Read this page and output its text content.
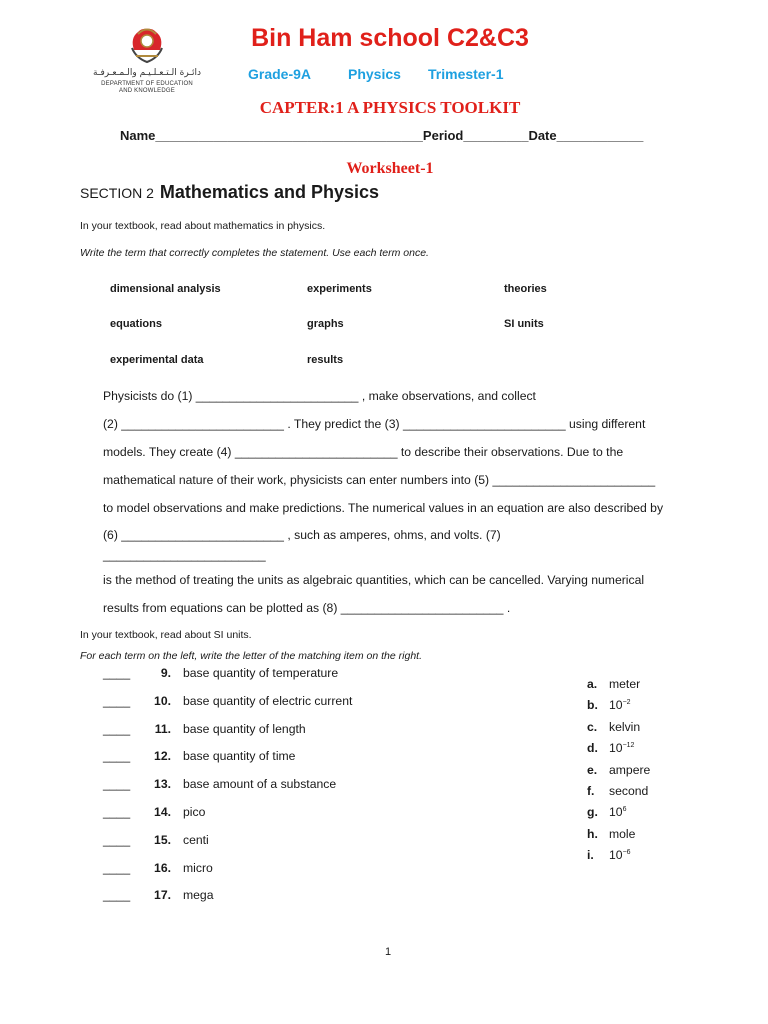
دائـرة الـتـعـلـيـم والـمـعـرفـة
DEPARTMENT OF EDUCATION
AND KNOWLEDGE
Bin Ham school C2&C3
Grade-9A	Physics Trimester-1
CAPTER:1 A PHYSICS TOOLKIT
Name_____________________________________Period_________Date____________
Worksheet-1
SECTION 2 Mathematics and Physics
In your textbook, read about mathematics in physics.
Write the term that correctly completes the statement. Use each term once.
dimensional analysis	experiments	theories
equations	graphs	SI units
experimental data	results
Physicists do (1) ________________________ , make observations, and collect
(2) ________________________ . They predict the (3) ________________________ using different
models. They create (4) ________________________ to describe their observations. Due to the
mathematical nature of their work, physicists can enter numbers into (5) ________________________
to model observations and make predictions. The numerical values in an equation are also described by
(6) ________________________ , such as amperes, ohms, and volts. (7)
________________________
is the method of treating the units as algebraic quantities, which can be cancelled. Varying numerical
results from equations can be plotted as (8) ________________________ .
In your textbook, read about SI units.
For each term on the left, write the letter of the matching item on the right.
____	9. base quantity of temperature
____ 10. base quantity of electric current
____ 11. base quantity of length
____ 12. base quantity of time
____ 13. base amount of a substance
____ 14. pico
____ 15. centi
____ 16. micro
____ 17. mega
a. meter
b. $10^{-2}$
c. kelvin
d. $10^{-12}$
e. ampere
f. second
g. $10^6$
h. mole
i. $10^{-6}$
1
